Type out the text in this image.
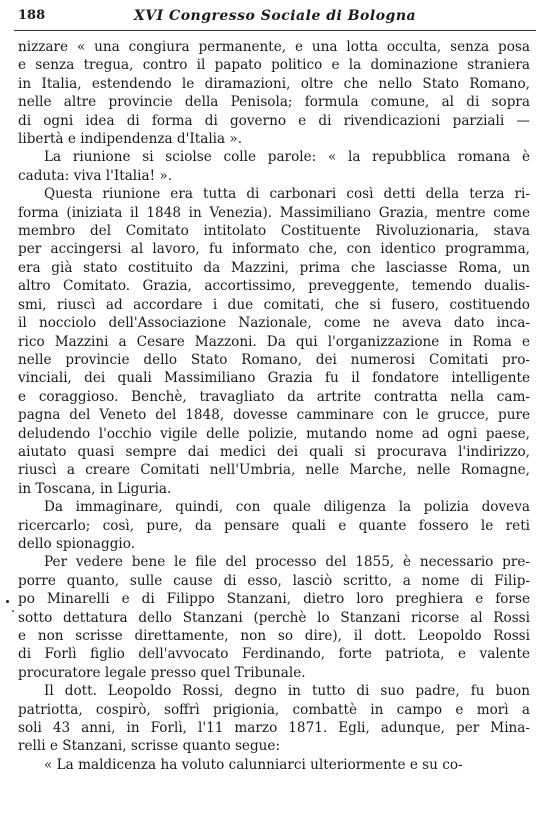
188	XVI Congresso Sociale di Bologna

nizzare « una congiura permanente, e una lotta occulta, senza posa
e senza tregua, contro il papato politico e la dominazione straniera
in Italia, estendendo le diramazioni, oltre che nello Stato Romano,
nelle altre provincie della Penisola; formula comune, al di sopra
di ogni idea di forma di governo e di rivendicazioni parziali —
libertà e indipendenza d'Italia ».

La riunione si sciolse colle parole: « la repubblica romana è
caduta: viva l'Italia! ».

Questa riunione era tutta di carbonari così detti della terza ri-
forma (iniziata il 1848 in Venezia). Massimiliano Grazia, mentre come
membro del Comitato intitolato Costituente Rivoluzionaria, stava
per accingersi al lavoro, fu informato che, con identico programma,
era già stato costituito da Mazzini, prima che lasciasse Roma, un
altro Comitato. Grazia, accortissimo, preveggente, temendo dualis-
smi, riuscì ad accordare i due comitati, che si fusero, costituendo
il nocciolo dell'Associazione Nazionale, come ne aveva dato inca-
rico Mazzini a Cesare Mazzoni. Da qui l'organizzazione in Roma e
nelle provincie dello Stato Romano, dei numerosi Comitati pro-
vinciali, dei quali Massimiliano Grazia fu il fondatore intelligente
e coraggioso. Benchè, travagliato da artrite contratta nella cam-
pagna del Veneto del 1848, dovesse camminare con le grucce, pure
deludendo l'occhio vigile delle polizie, mutando nome ad ogni paese,
aiutato quasi sempre dai medici dei quali si procurava l'indirizzo,
riuscì a creare Comitati nell'Umbria, nelle Marche, nelle Romagne,
in Toscana, in Liguria.

Da immaginare, quindi, con quale diligenza la polizia doveva
ricercarlo; così, pure, da pensare quali e quante fossero le reti
dello spionaggio.

Per vedere bene le file del processo del 1855, è necessario pre-
porre quanto, sulle cause di esso, lasciò scritto, a nome di Filip-
po Minarelli e di Filippo Stanzani, dietro loro preghiera e forse
sotto dettatura dello Stanzani (perchè lo Stanzani ricorse al Rossi
e non scrisse direttamente, non so dire), il dott. Leopoldo Rossi
di Forlì figlio dell'avvocato Ferdinando, forte patriota, e valente
procuratore legale presso quel Tribunale.

Il dott. Leopoldo Rossi, degno in tutto di suo padre, fu buon
patriotta, cospirò, soffrì prigionia, combattè in campo e morì a
soli 43 anni, in Forlì, l'11 marzo 1871. Egli, adunque, per Mina-
relli e Stanzani, scrisse quanto segue:

« La maldicenza ha voluto calunniarci ulteriormente e su co-
